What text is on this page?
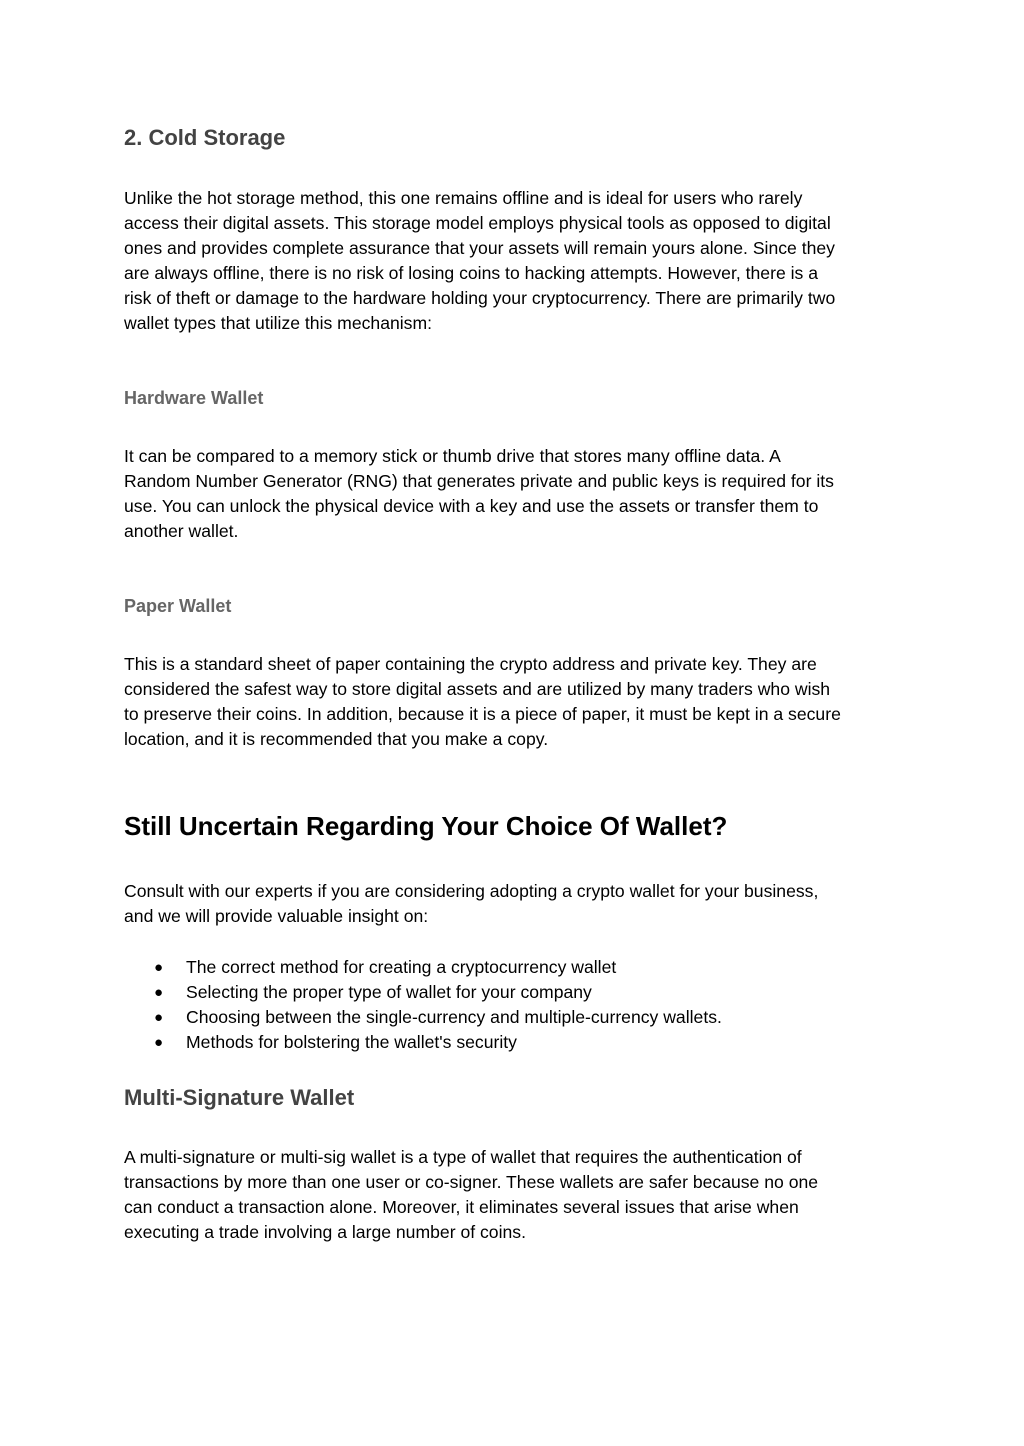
2. Cold Storage

Unlike the hot storage method, this one remains offline and is ideal for users who rarely
access their digital assets. This storage model employs physical tools as opposed to digital
ones and provides complete assurance that your assets will remain yours alone. Since they
are always offline, there is no risk of losing coins to hacking attempts. However, there is a
risk of theft or damage to the hardware holding your cryptocurrency. There are primarily two
wallet types that utilize this mechanism:

Hardware Wallet

It can be compared to a memory stick or thumb drive that stores many offline data. A
Random Number Generator (RNG) that generates private and public keys is required for its
use. You can unlock the physical device with a key and use the assets or transfer them to
another wallet.

Paper Wallet

This is a standard sheet of paper containing the crypto address and private key. They are
considered the safest way to store digital assets and are utilized by many traders who wish
to preserve their coins. In addition, because it is a piece of paper, it must be kept in a secure
location, and it is recommended that you make a copy.

Still Uncertain Regarding Your Choice Of Wallet?

Consult with our experts if you are considering adopting a crypto wallet for your business,
and we will provide valuable insight on:

● The correct method for creating a cryptocurrency wallet
● Selecting the proper type of wallet for your company
● Choosing between the single-currency and multiple-currency wallets.
● Methods for bolstering the wallet's security
Multi-Signature Wallet

A multi-signature or multi-sig wallet is a type of wallet that requires the authentication of
transactions by more than one user or co-signer. These wallets are safer because no one
can conduct a transaction alone. Moreover, it eliminates several issues that arise when
executing a trade involving a large number of coins.
